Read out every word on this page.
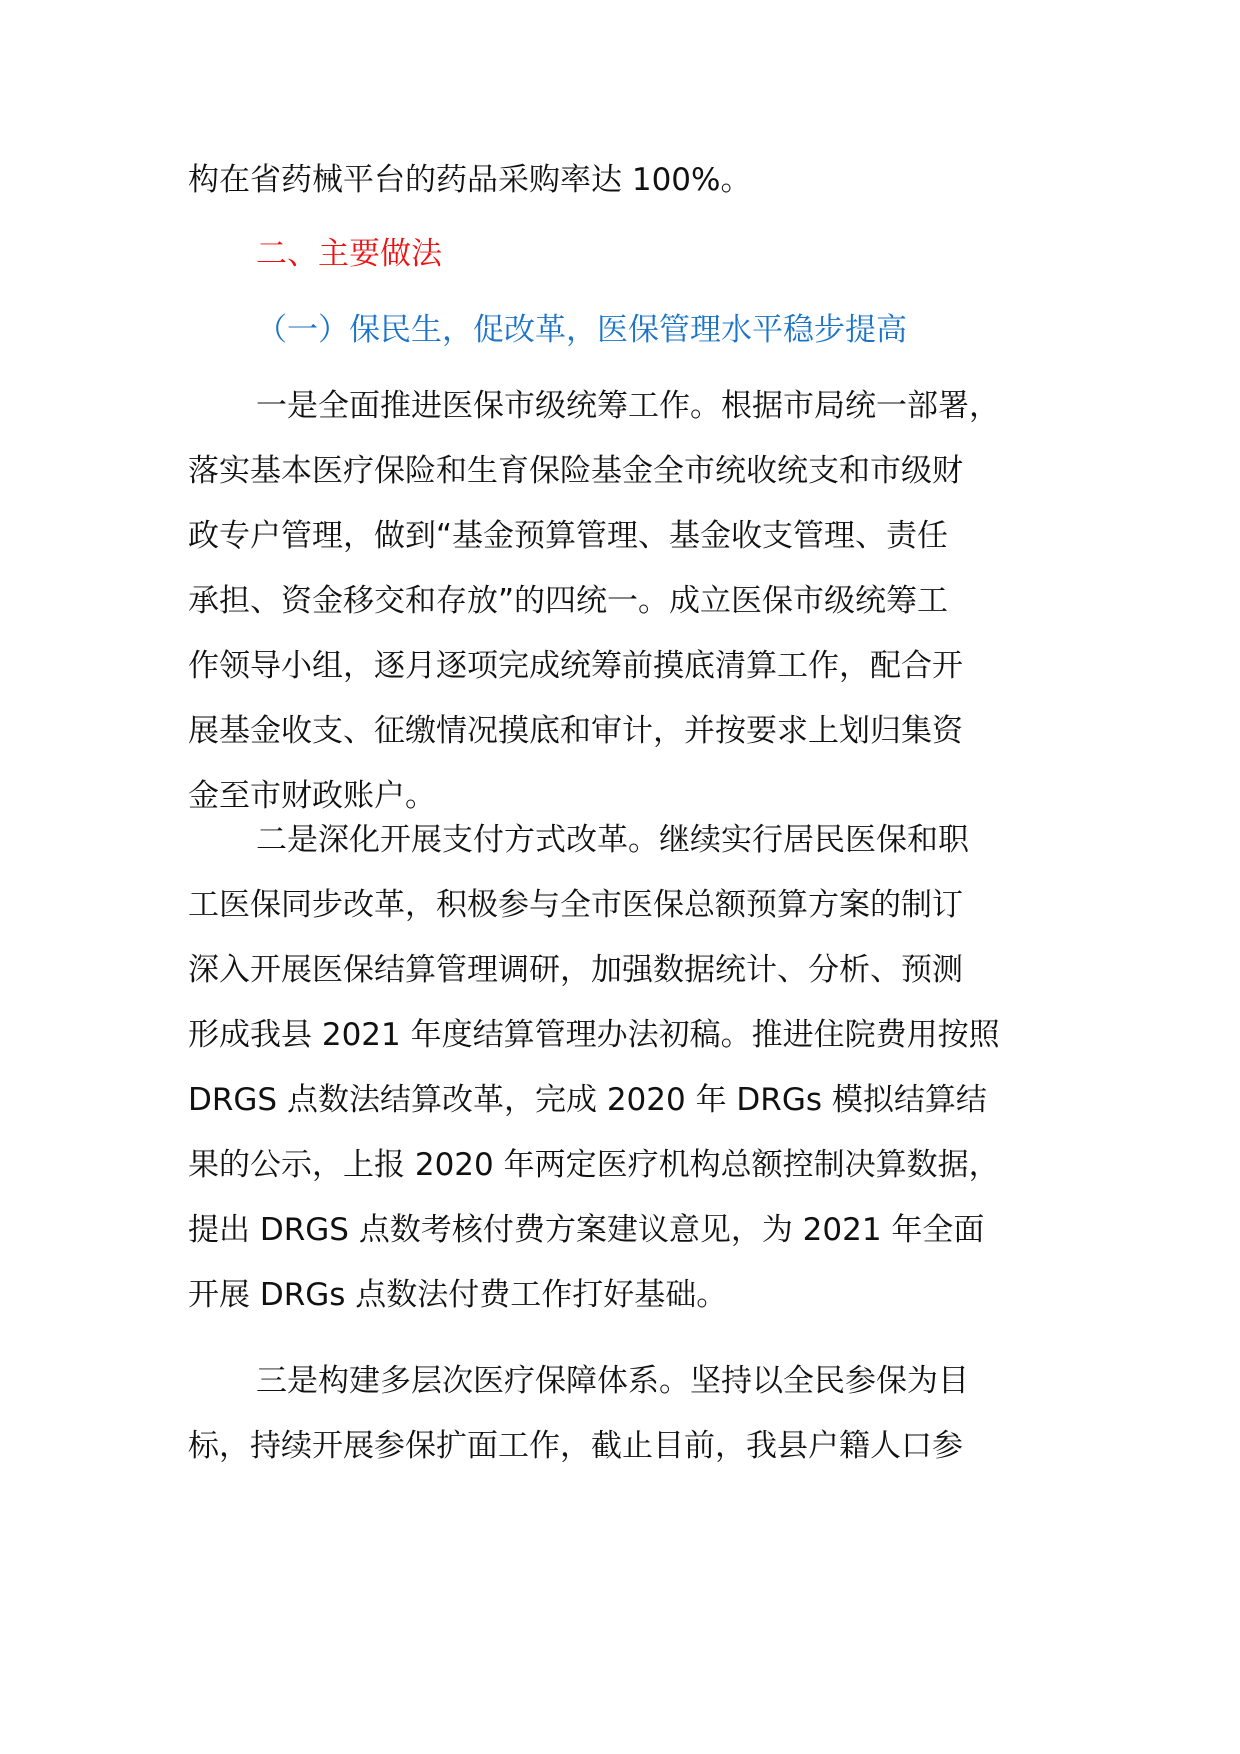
构在省药械平台的药品采购率达 100%。

二、主要做法

（一）保民生，促改革，医保管理水平稳步提高

一是全面推进医保市级统筹工作。根据市局统一部署，
落实基本医疗保险和生育保险基金全市统收统支和市级财
政专户管理，做到“基金预算管理、基金收支管理、责任
承担、资金移交和存放”的四统一。成立医保市级统筹工
作领导小组，逐月逐项完成统筹前摸底清算工作，配合开
展基金收支、征缴情况摸底和审计，并按要求上划归集资
金至市财政账户。

二是深化开展支付方式改革。继续实行居民医保和职
工医保同步改革，积极参与全市医保总额预算方案的制订
深入开展医保结算管理调研，加强数据统计、分析、预测
形成我县 2021 年度结算管理办法初稿。推进住院费用按照
DRGS 点数法结算改革，完成 2020 年 DRGs 模拟结算结
果的公示，上报 2020 年两定医疗机构总额控制决算数据，
提出 DRGS 点数考核付费方案建议意见，为 2021 年全面
开展 DRGs 点数法付费工作打好基础。

三是构建多层次医疗保障体系。坚持以全民参保为目
标，持续开展参保扩面工作，截止目前，我县户籍人口参
